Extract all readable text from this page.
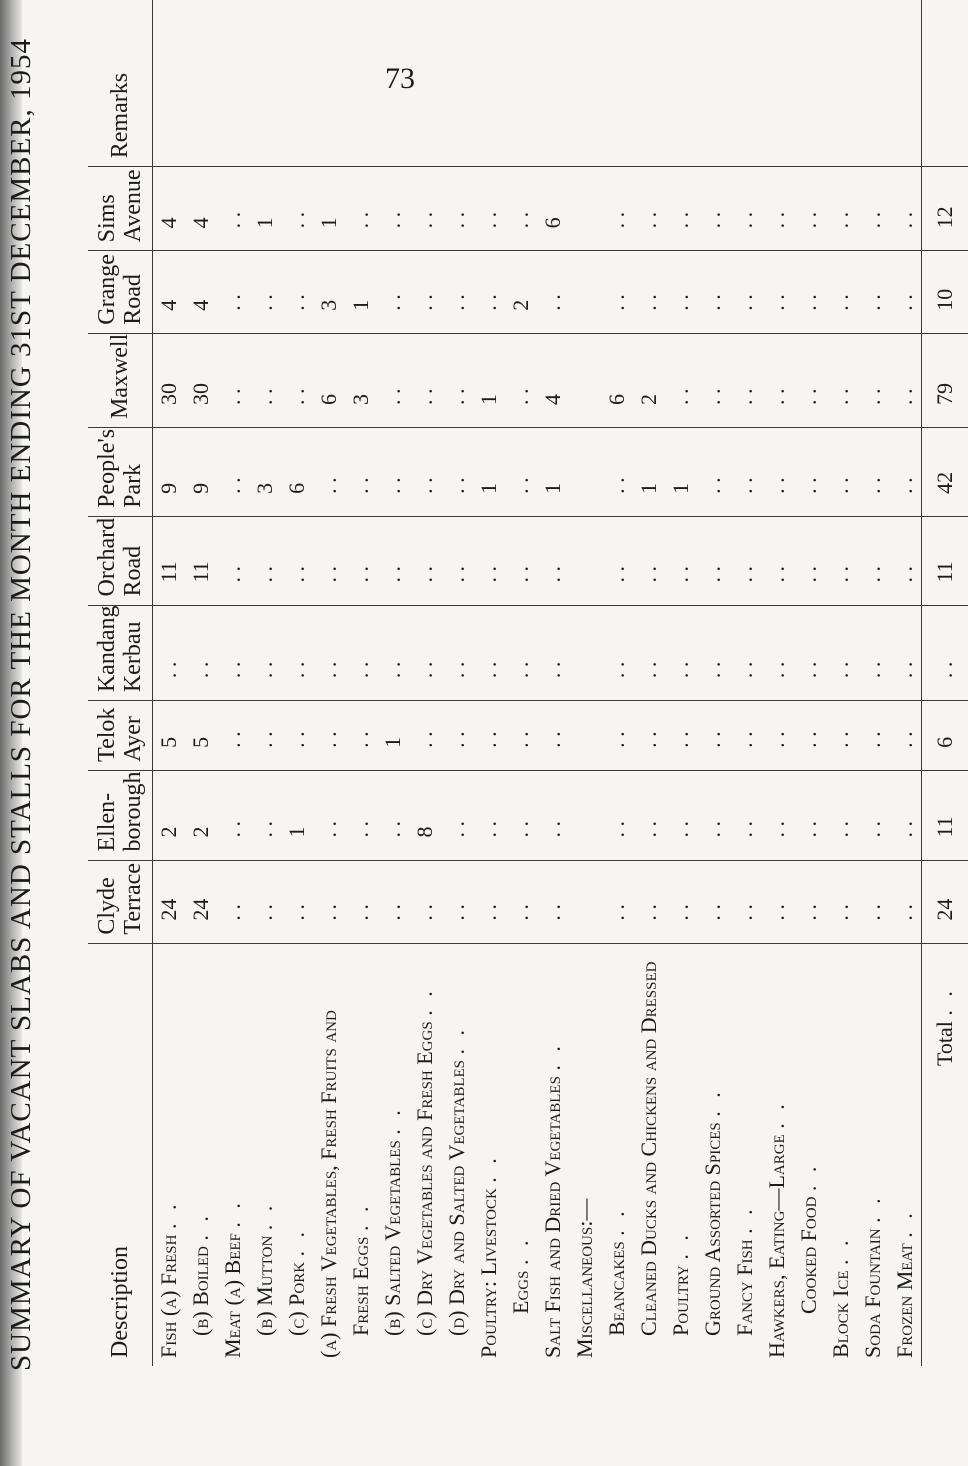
73
SUMMARY OF VACANT SLABS AND STALLS FOR THE MONTH ENDING 31ST DECEMBER, 1954	Description	Clyde Terrace	Ellen-borough	Telok Ayer	Kandang Kerbau	Orchard Road	People's Park	Maxwell	Grange Road	Sims Avenue	Remarks
Fish (a) Fresh . .	24	2	5	. .	11	9	30	4	4	
(b) Boiled . .	24	2	5	. .	11	9	30	4	4	
Meat (a) Beef . .	. .	. .	. .	. .	. .	. .	. .	. .	. .	
(b) Mutton . .	. .	. .	. .	. .	. .	3	. .	. .	1	
(c) Pork . .	. .	1	. .	. .	. .	6	. .	. .	. .	
(a) Fresh Vegetables, Fresh Fruits and	. .	. .	. .	. .	. .	. .	6	3	1	
Fresh Eggs . .	. .	. .	. .	. .	. .	. .	3	1	. .	
(b) Salted Vegetables . .	. .	. .	1	. .	. .	. .	. .	. .	. .	
(c) Dry Vegetables and Fresh Eggs . .	. .	8	. .	. .	. .	. .	. .	. .	. .	
(d) Dry and Salted Vegetables . .	. .	. .	. .	. .	. .	. .	. .	. .	. .	
Poultry: Livestock . .	. .	. .	. .	. .	. .	1	1	. .	. .	
Eggs . .	. .	. .	. .	. .	. .	. .	. .	2	. .	
Salt Fish and Dried Vegetables . .	. .	. .	. .	. .	. .	1	4	. .	6	
Miscellaneous:—										
Beancakes . .	. .	. .	. .	. .	. .	. .	6	. .	. .	
Cleaned Ducks and Chickens and Dressed	. .	. .	. .	. .	. .	1	2	. .	. .	
Poultry . .	. .	. .	. .	. .	. .	1	. .	. .	. .	
Ground Assorted Spices . .	. .	. .	. .	. .	. .	. .	. .	. .	. .	
Fancy Fish . .	. .	. .	. .	. .	. .	. .	. .	. .	. .	
Hawkers, Eating—Large . .	. .	. .	. .	. .	. .	. .	. .	. .	. .	
Cooked Food . .	. .	. .	. .	. .	. .	. .	. .	. .	. .	
Block Ice . .	. .	. .	. .	. .	. .	. .	. .	. .	. .	
Soda Fountain . .	. .	. .	. .	. .	. .	. .	. .	. .	. .	
Frozen Meat . .	. .	. .	. .	. .	. .	. .	. .	. .	. .	
Total . .	24	11	6	. .	11	42	79	10	12	
